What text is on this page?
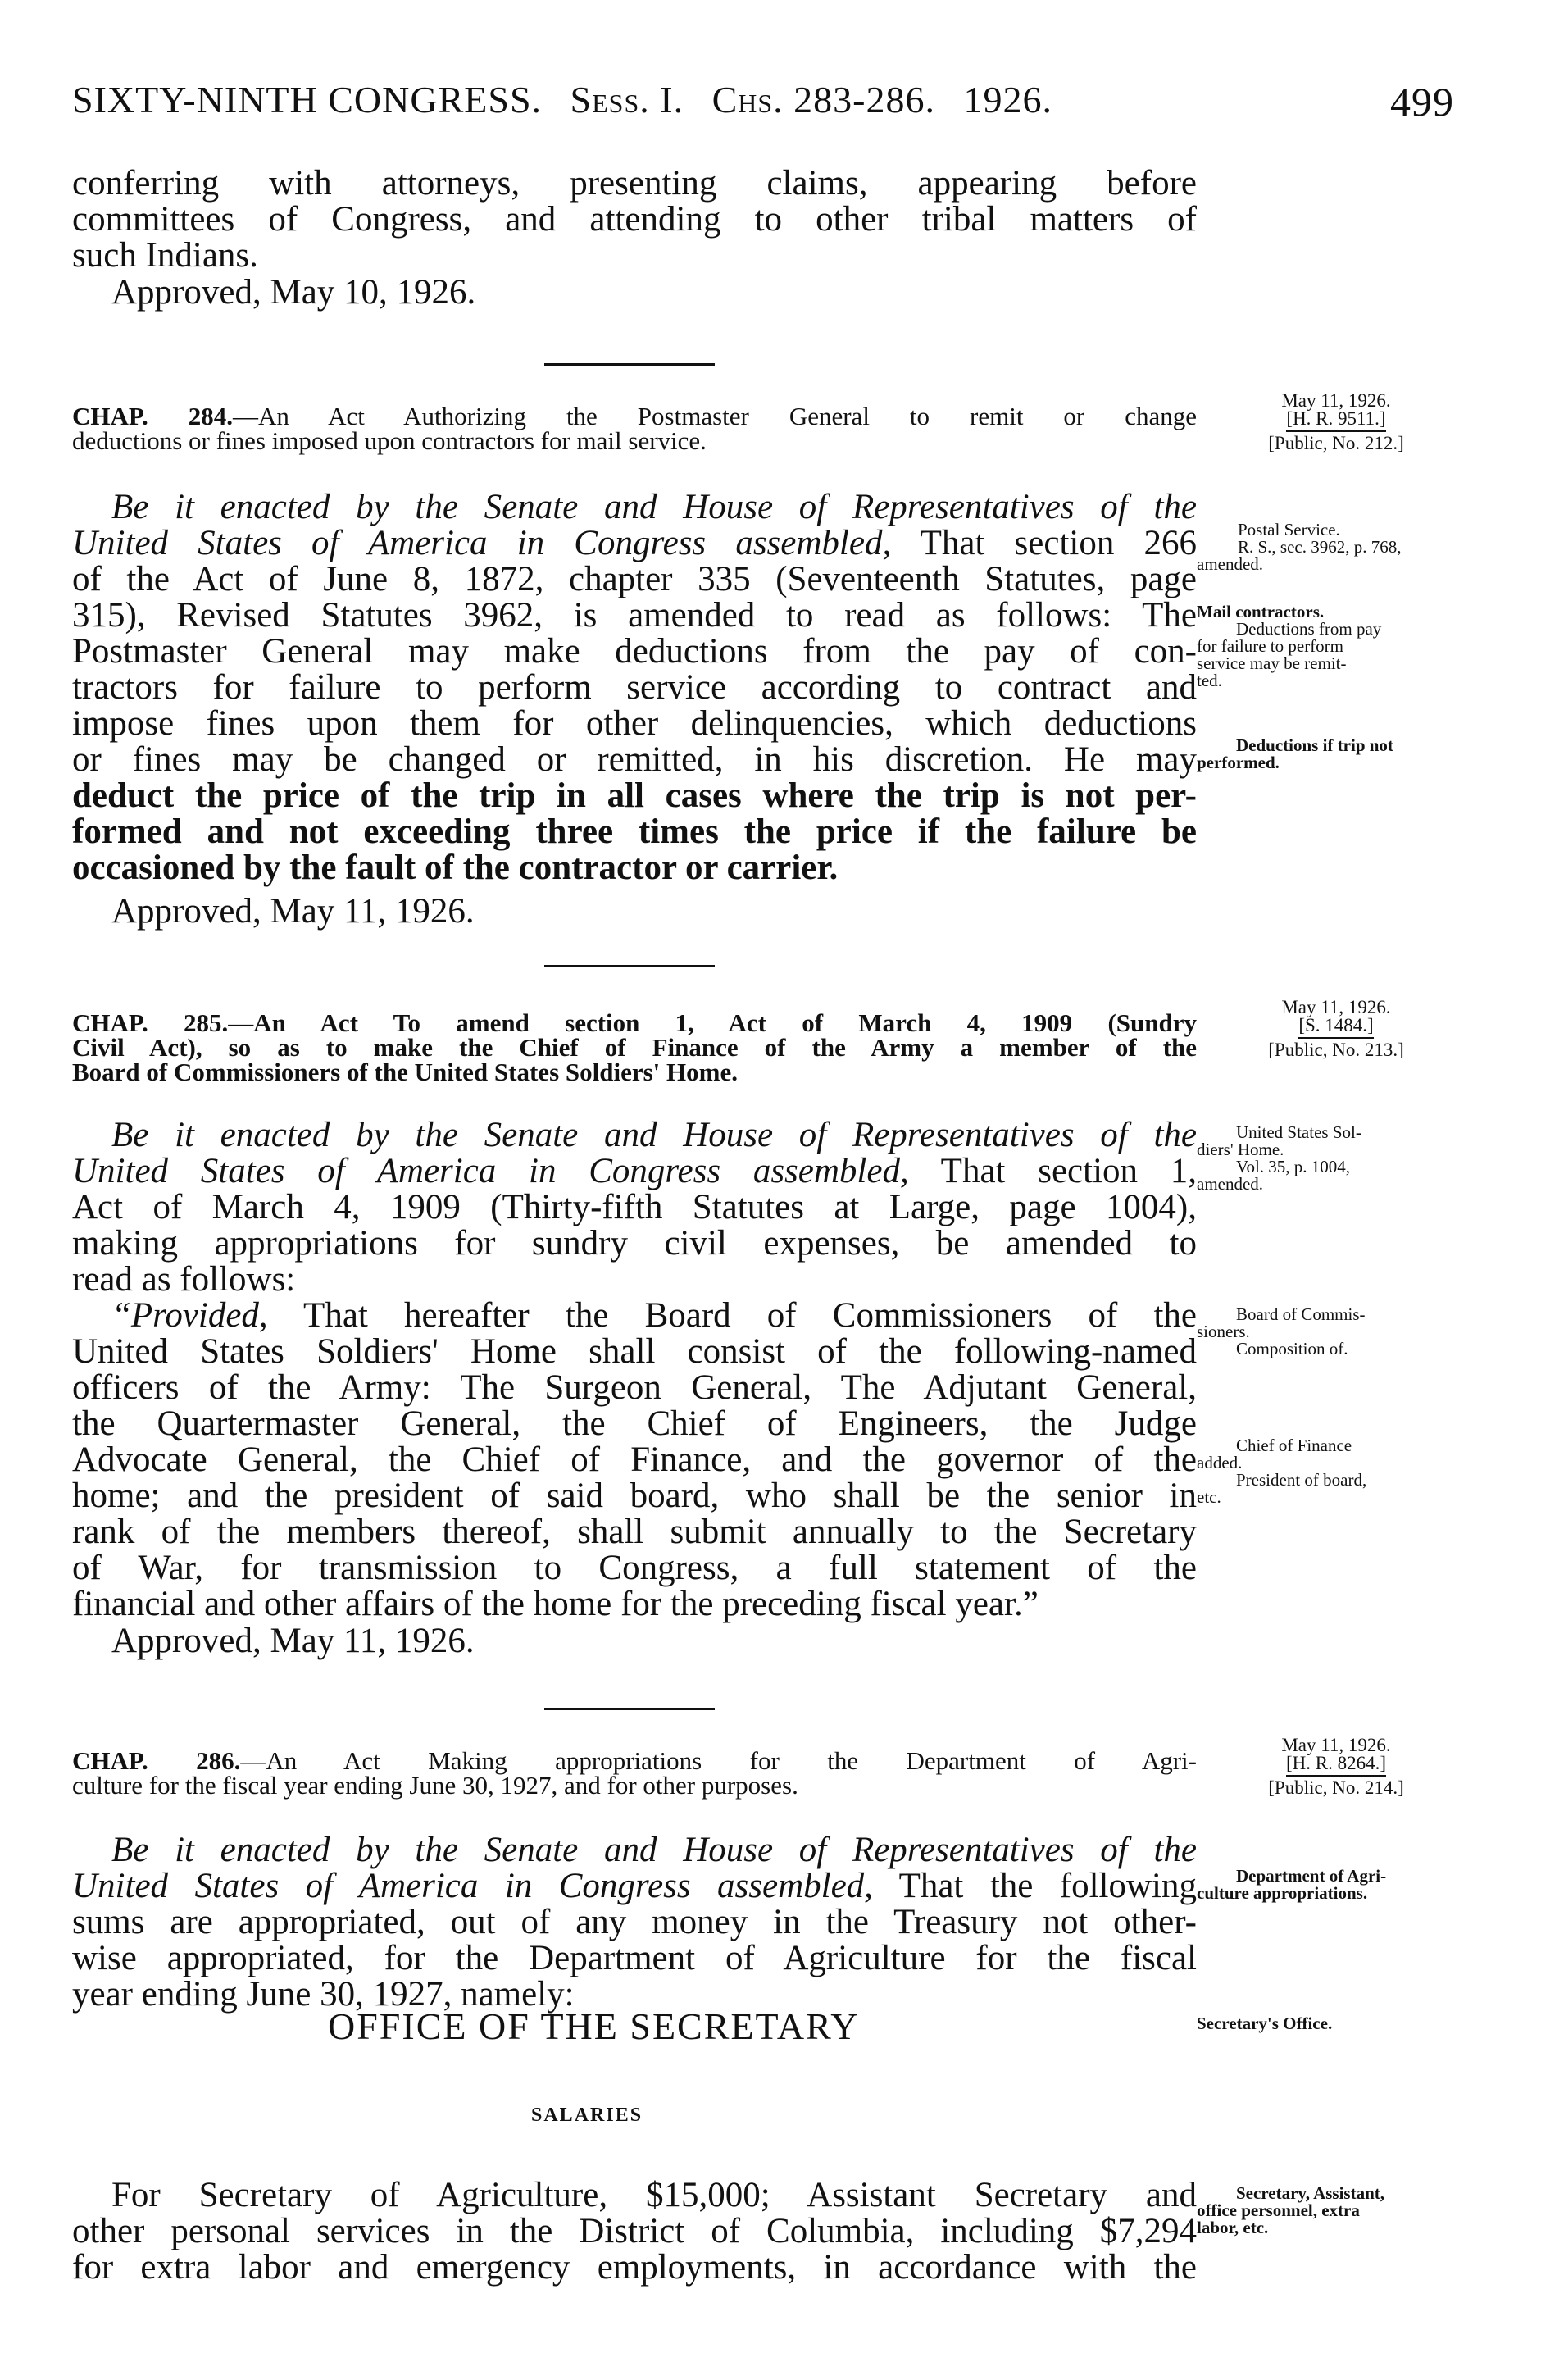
SIXTY-NINTH CONGRESS. Sess. I. Chs. 283-286. 1926.	499
conferring with attorneys, presenting claims, appearing before
committees of Congress, and attending to other tribal matters of
such Indians.
Approved, May 10, 1926.
CHAP. 284.—An Act Authorizing the Postmaster General to remit or change
deductions or fines imposed upon contractors for mail service.
May 11, 1926.
[H. R. 9511.]
[Public, No. 212.]
Be it enacted by the Senate and House of Representatives of the
United States of America in Congress assembled, That section 266
of the Act of June 8, 1872, chapter 335 (Seventeenth Statutes, page
315), Revised Statutes 3962, is amended to read as follows: The
Postmaster General may make deductions from the pay of con-
tractors for failure to perform service according to contract and
impose fines upon them for other delinquencies, which deductions
or fines may be changed or remitted, in his discretion. He may
deduct the price of the trip in all cases where the trip is not per-
formed and not exceeding three times the price if the failure be
occasioned by the fault of the contractor or carrier.
Approved, May 11, 1926.
Postal Service.
R. S., sec. 3962, p. 768,
amended.
Mail contractors.
Deductions from pay
for failure to perform
service may be remit-
ted.
Deductions if trip not
performed.
CHAP. 285.—An Act To amend section 1, Act of March 4, 1909 (Sundry
Civil Act), so as to make the Chief of Finance of the Army a member of the
Board of Commissioners of the United States Soldiers' Home.
May 11, 1926.
[S. 1484.]
[Public, No. 213.]
Be it enacted by the Senate and House of Representatives of the
United States of America in Congress assembled, That section 1,
Act of March 4, 1909 (Thirty-fifth Statutes at Large, page 1004),
making appropriations for sundry civil expenses, be amended to
read as follows:
“Provided, That hereafter the Board of Commissioners of the
United States Soldiers' Home shall consist of the following-named
officers of the Army: The Surgeon General, The Adjutant General,
the Quartermaster General, the Chief of Engineers, the Judge
Advocate General, the Chief of Finance, and the governor of the
home; and the president of said board, who shall be the senior in
rank of the members thereof, shall submit annually to the Secretary
of War, for transmission to Congress, a full statement of the
financial and other affairs of the home for the preceding fiscal year.”
Approved, May 11, 1926.
United States Sol-
diers' Home.
Vol. 35, p. 1004,
amended.
Board of Commis-
sioners.
Composition of.
Chief of Finance
added.
President of board,
etc.
CHAP. 286.—An Act Making appropriations for the Department of Agri-
culture for the fiscal year ending June 30, 1927, and for other purposes.
May 11, 1926.
[H. R. 8264.]
[Public, No. 214.]
Be it enacted by the Senate and House of Representatives of the
United States of America in Congress assembled, That the following
sums are appropriated, out of any money in the Treasury not other-
wise appropriated, for the Department of Agriculture for the fiscal
year ending June 30, 1927, namely:
Department of Agri-
culture appropriations.
OFFICE OF THE SECRETARY	Secretary's Office.
SALARIES
For Secretary of Agriculture, $15,000; Assistant Secretary and
other personal services in the District of Columbia, including $7,294
for extra labor and emergency employments, in accordance with the
Secretary, Assistant,
office personnel, extra
labor, etc.
